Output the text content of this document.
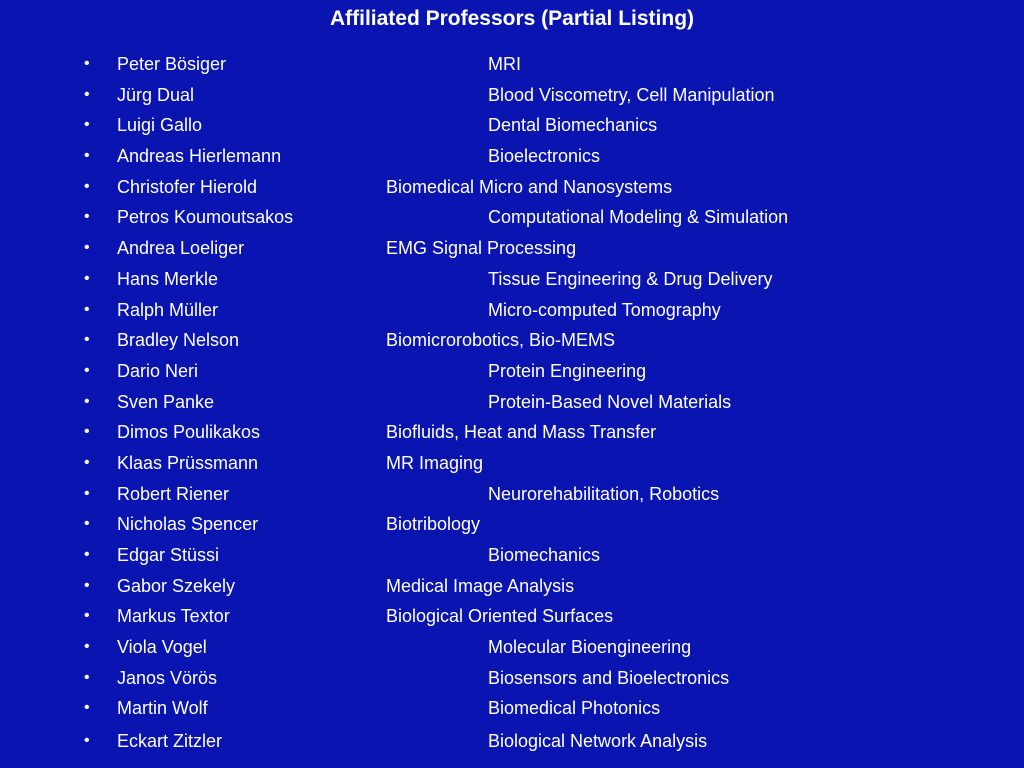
Affiliated Professors (Partial Listing)
• Peter Bösiger	MRI
• Jürg Dual	Blood Viscometry, Cell Manipulation
• Luigi Gallo	Dental Biomechanics
• Andreas Hierlemann	Bioelectronics
• Christofer Hierold	Biomedical Micro and Nanosystems
• Petros Koumoutsakos	Computational Modeling & Simulation
• Andrea Loeliger	EMG Signal Processing
• Hans Merkle	Tissue Engineering & Drug Delivery
• Ralph Müller	Micro-computed Tomography
• Bradley Nelson	Biomicrorobotics, Bio-MEMS
• Dario Neri	Protein Engineering
• Sven Panke	Protein-Based Novel Materials
• Dimos Poulikakos	Biofluids, Heat and Mass Transfer
• Klaas Prüssmann	MR Imaging
• Robert Riener	Neurorehabilitation, Robotics
• Nicholas Spencer	Biotribology
• Edgar Stüssi	Biomechanics
• Gabor Szekely	Medical Image Analysis
• Markus Textor	Biological Oriented Surfaces
• Viola Vogel	Molecular Bioengineering
• Janos Vörös	Biosensors and Bioelectronics
• Martin Wolf	Biomedical Photonics
• Eckart Zitzler	Biological Network Analysis
